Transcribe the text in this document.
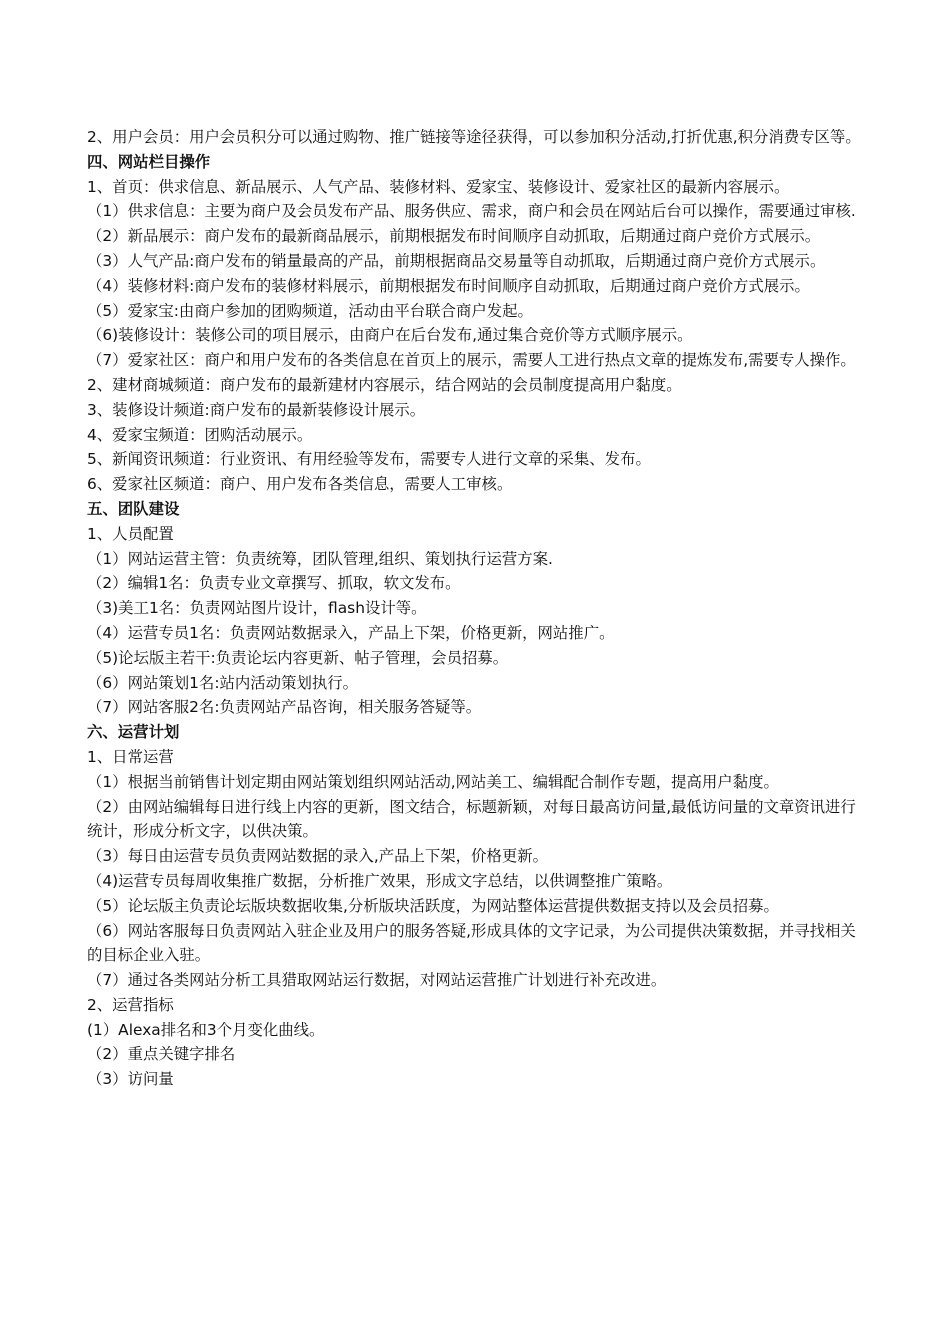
2、用户会员：用户会员积分可以通过购物、推广链接等途径获得，可以参加积分活动,打折优惠,积分消费专区等。

四、网站栏目操作

1、首页：供求信息、新品展示、人气产品、装修材料、爱家宝、装修设计、爱家社区的最新内容展示。

（1）供求信息：主要为商户及会员发布产品、服务供应、需求，商户和会员在网站后台可以操作，需要通过审核.

（2）新品展示：商户发布的最新商品展示，前期根据发布时间顺序自动抓取，后期通过商户竞价方式展示。

（3）人气产品:商户发布的销量最高的产品，前期根据商品交易量等自动抓取，后期通过商户竞价方式展示。

（4）装修材料:商户发布的装修材料展示，前期根据发布时间顺序自动抓取，后期通过商户竞价方式展示。

（5）爱家宝:由商户参加的团购频道，活动由平台联合商户发起。

（6)装修设计：装修公司的项目展示，由商户在后台发布,通过集合竞价等方式顺序展示。

（7）爱家社区：商户和用户发布的各类信息在首页上的展示，需要人工进行热点文章的提炼发布,需要专人操作。

2、建材商城频道：商户发布的最新建材内容展示，结合网站的会员制度提高用户黏度。

3、装修设计频道:商户发布的最新装修设计展示。

4、爱家宝频道：团购活动展示。

5、新闻资讯频道：行业资讯、有用经验等发布，需要专人进行文章的采集、发布。

6、爱家社区频道：商户、用户发布各类信息，需要人工审核。

五、团队建设

1、人员配置

（1）网站运营主管：负责统筹，团队管理,组织、策划执行运营方案.

（2）编辑1名：负责专业文章撰写、抓取，软文发布。

（3)美工1名：负责网站图片设计，flash设计等。

（4）运营专员1名：负责网站数据录入，产品上下架，价格更新，网站推广。

（5)论坛版主若干:负责论坛内容更新、帖子管理，会员招募。

（6）网站策划1名:站内活动策划执行。

（7）网站客服2名:负责网站产品咨询，相关服务答疑等。

六、运营计划

1、日常运营

（1）根据当前销售计划定期由网站策划组织网站活动,网站美工、编辑配合制作专题，提高用户黏度。

（2）由网站编辑每日进行线上内容的更新，图文结合，标题新颖，对每日最高访问量,最低访问量的文章资讯进行统计，形成分析文字，以供决策。

（3）每日由运营专员负责网站数据的录入,产品上下架，价格更新。

（4)运营专员每周收集推广数据，分析推广效果，形成文字总结，以供调整推广策略。

（5）论坛版主负责论坛版块数据收集,分析版块活跃度，为网站整体运营提供数据支持以及会员招募。

（6）网站客服每日负责网站入驻企业及用户的服务答疑,形成具体的文字记录，为公司提供决策数据，并寻找相关的目标企业入驻。

（7）通过各类网站分析工具猎取网站运行数据，对网站运营推广计划进行补充改进。

2、运营指标

(1）Alexa排名和3个月变化曲线。

（2）重点关键字排名

（3）访问量
